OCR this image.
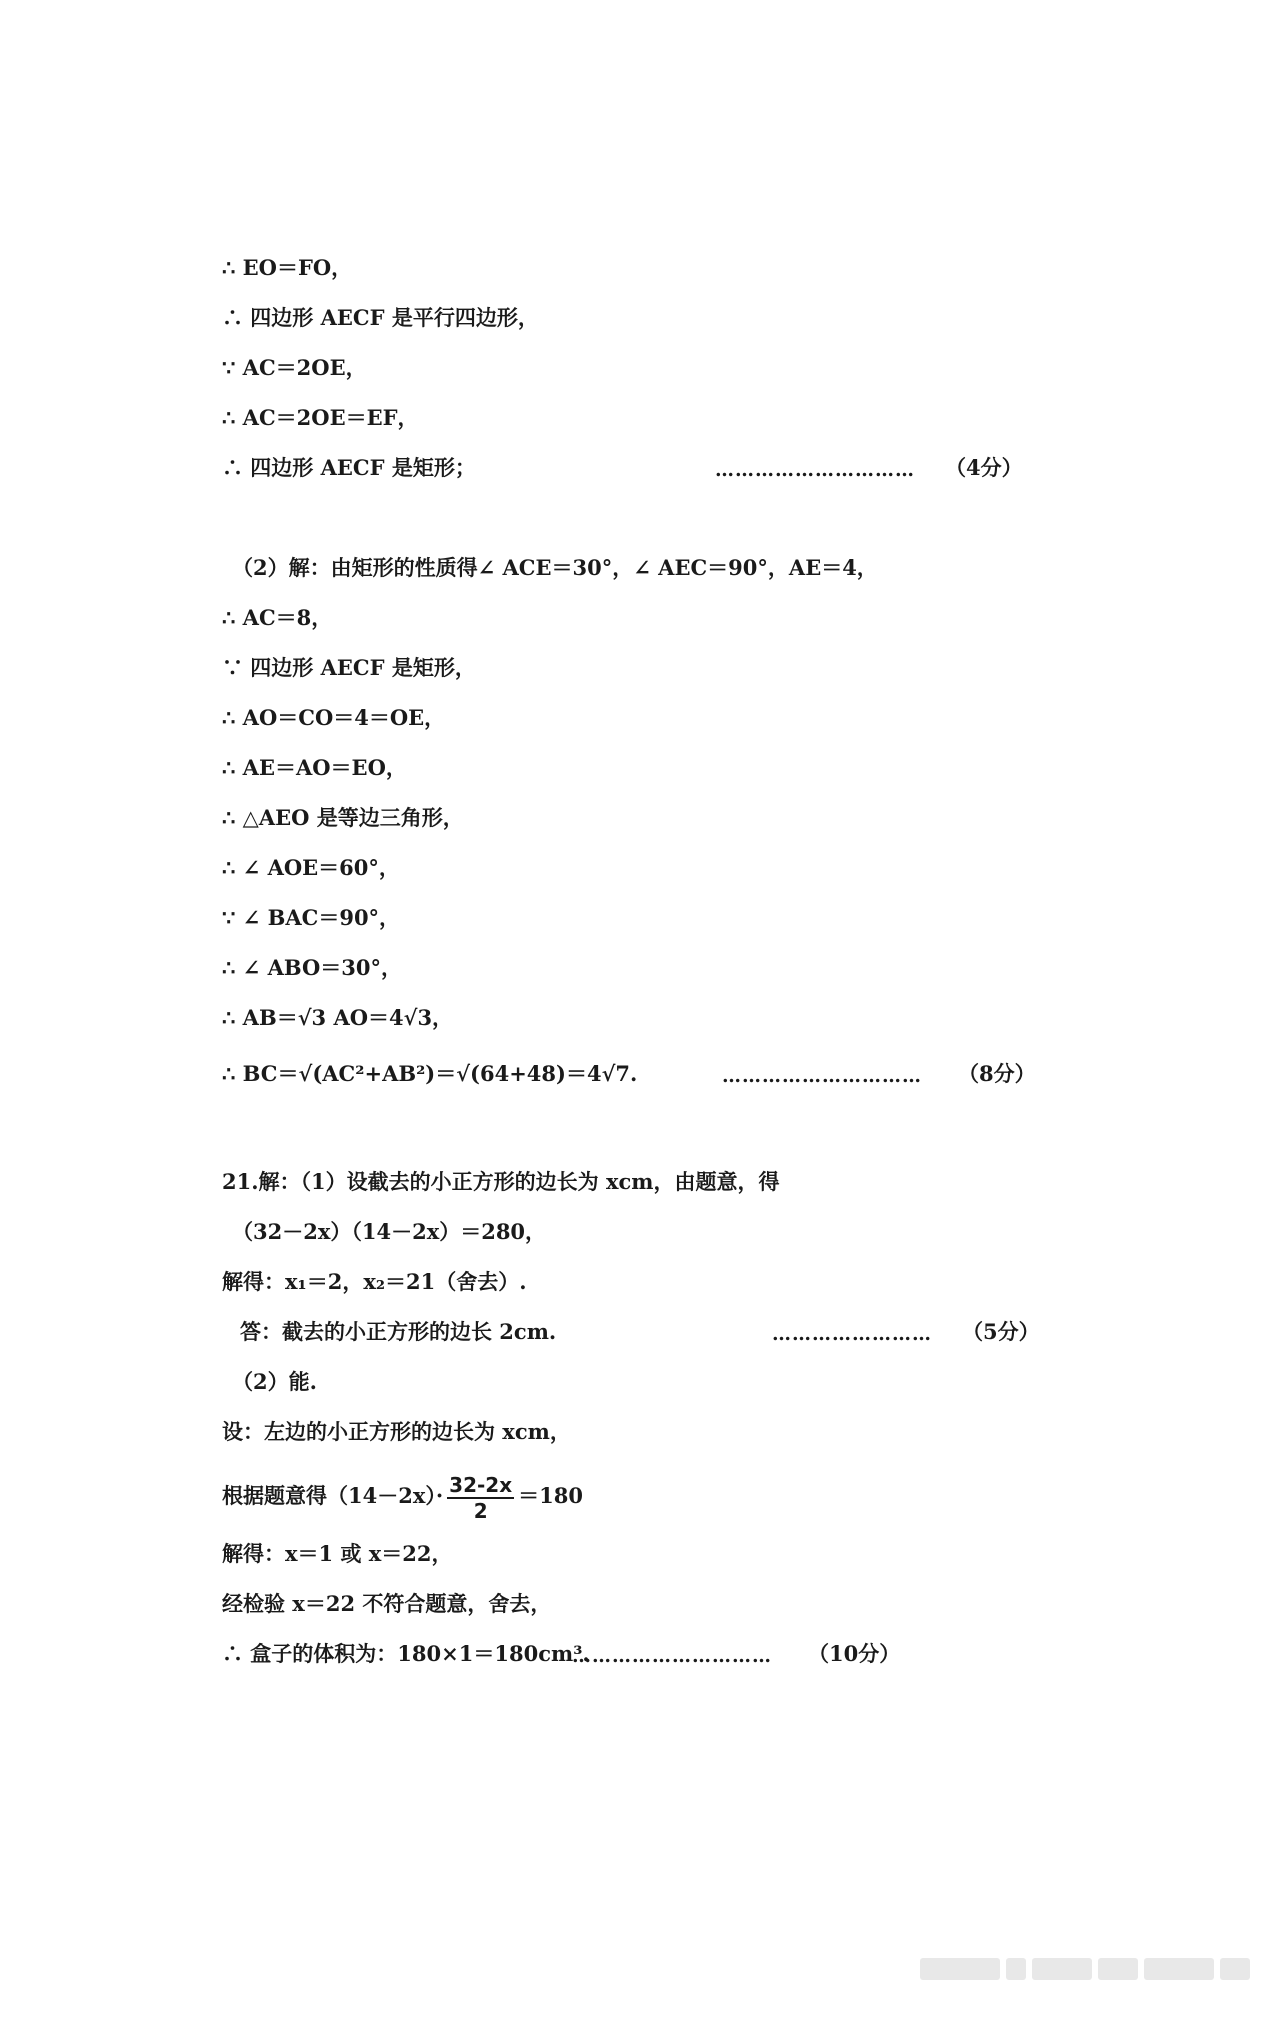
∴ EO＝FO，
∴ 四边形 AECF 是平行四边形，
∵ AC＝2OE，
∴ AC＝2OE＝EF，
∴ 四边形 AECF 是矩形；	………………………… （4分）
（2）解：由矩形的性质得∠ ACE＝30°，∠ AEC＝90°，AE＝4，
∴ AC＝8，
∵ 四边形 AECF 是矩形，
∴ AO＝CO＝4＝OE，
∴ AE＝AO＝EO，
∴ △AEO 是等边三角形，
∴ ∠ AOE＝60°，
∵ ∠ BAC＝90°，
∴ ∠ ABO＝30°，
∴ AB＝√3 AO＝4√3，
∴ BC＝√(AC²+AB²)＝√(64+48)＝4√7.	………………………… （8分）
21.解：（1）设截去的小正方形的边长为 xcm，由题意，得
（32－2x）（14－2x）＝280，
解得：x₁＝2，x₂＝21（舍去）.
答：截去的小正方形的边长 2cm.	…………………… （5分）
（2）能.
设：左边的小正方形的边长为 xcm，
根据题意得$(14-2x)\cdot \frac{32-2x}{2} =180$
解得：x＝1 或 x＝22，
经检验 x＝22 不符合题意，舍去，
∴ 盒子的体积为：180×1＝180cm³.
………………………… （10分）
